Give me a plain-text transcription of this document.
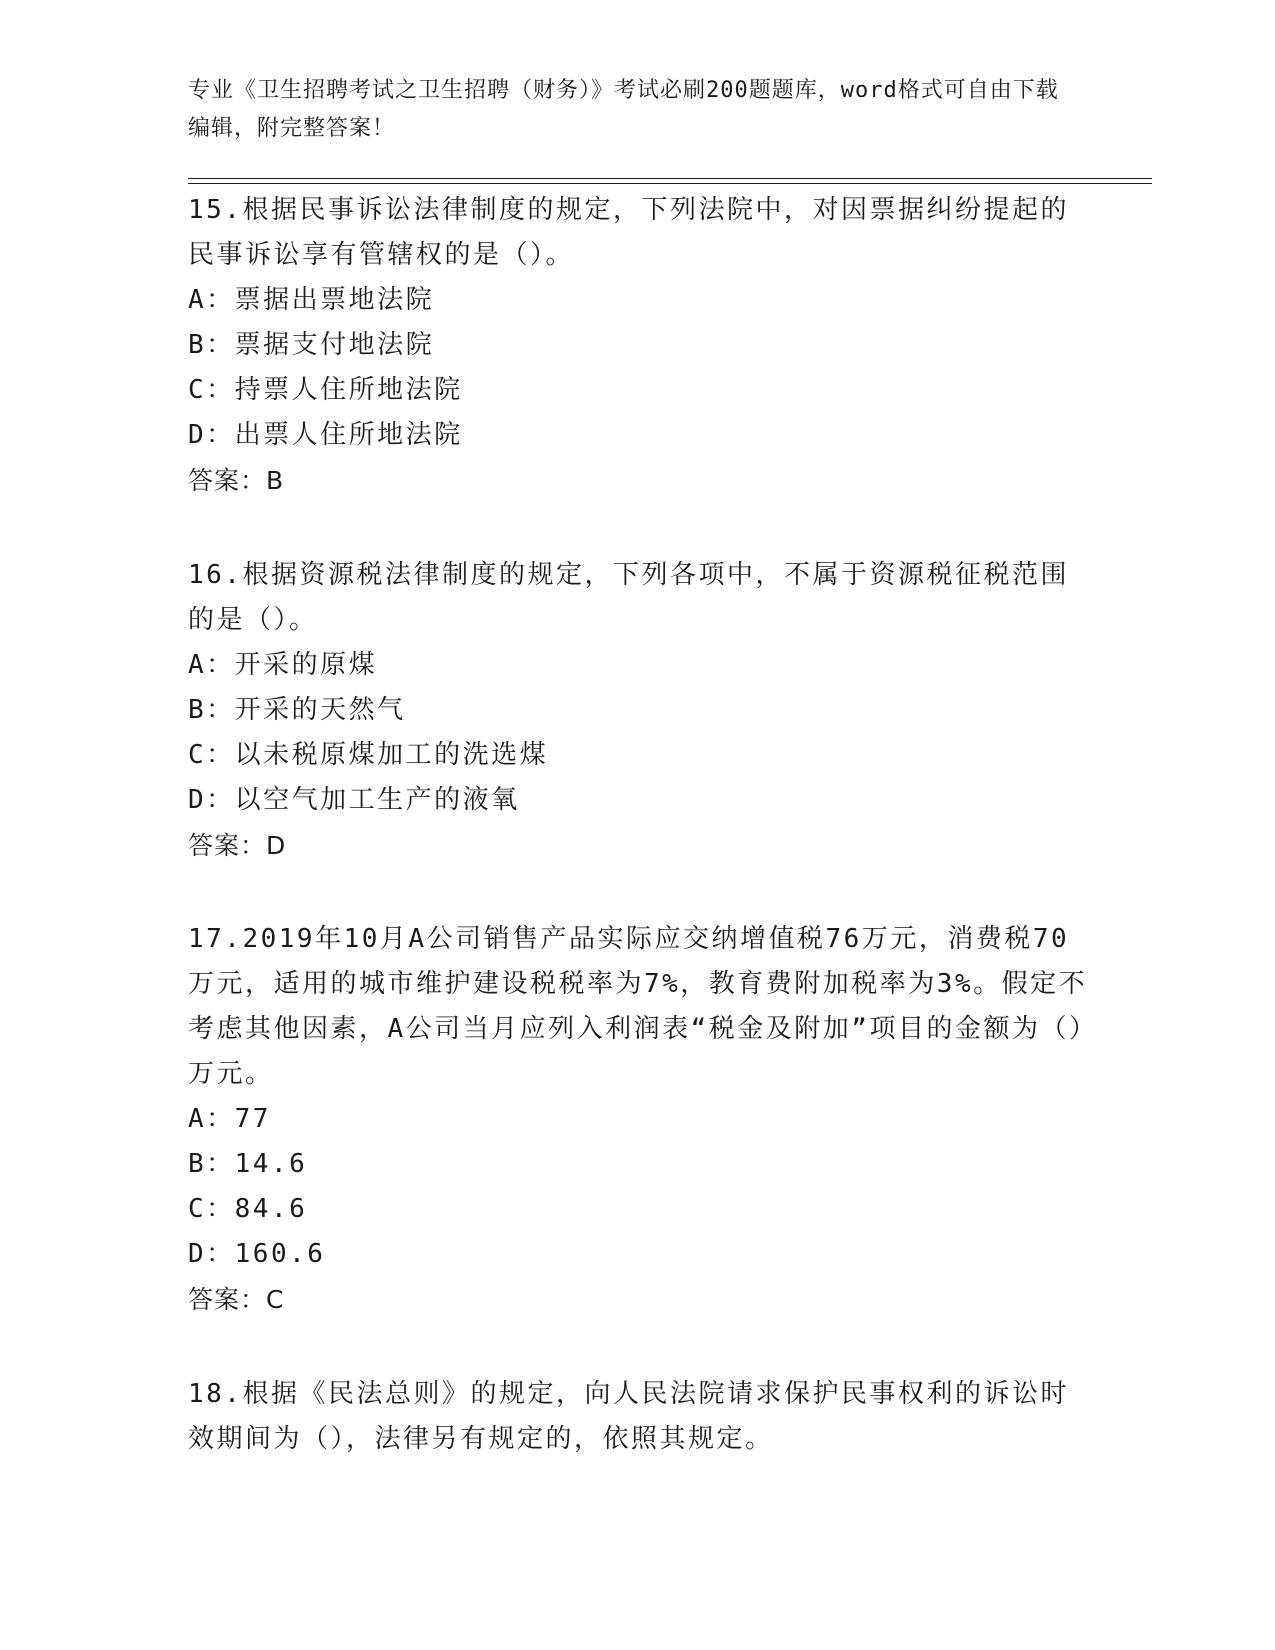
专业《卫生招聘考试之卫生招聘（财务）》考试必刷200题题库，word格式可自由下载编辑，附完整答案！

15.根据民事诉讼法律制度的规定，下列法院中，对因票据纠纷提起的民事诉讼享有管辖权的是（）。

A：票据出票地法院

B：票据支付地法院

C：持票人住所地法院

D：出票人住所地法院

答案：B

16.根据资源税法律制度的规定，下列各项中，不属于资源税征税范围的是（）。

A：开采的原煤

B：开采的天然气

C：以未税原煤加工的洗选煤

D：以空气加工生产的液氧

答案：D

17.2019年10月A公司销售产品实际应交纳增值税76万元，消费税70万元，适用的城市维护建设税税率为7%，教育费附加税率为3%。假定不考虑其他因素，A公司当月应列入利润表“税金及附加”项目的金额为（）万元。

A：77

B：14.6

C：84.6

D：160.6

答案：C

18.根据《民法总则》的规定，向人民法院请求保护民事权利的诉讼时效期间为（），法律另有规定的，依照其规定。
